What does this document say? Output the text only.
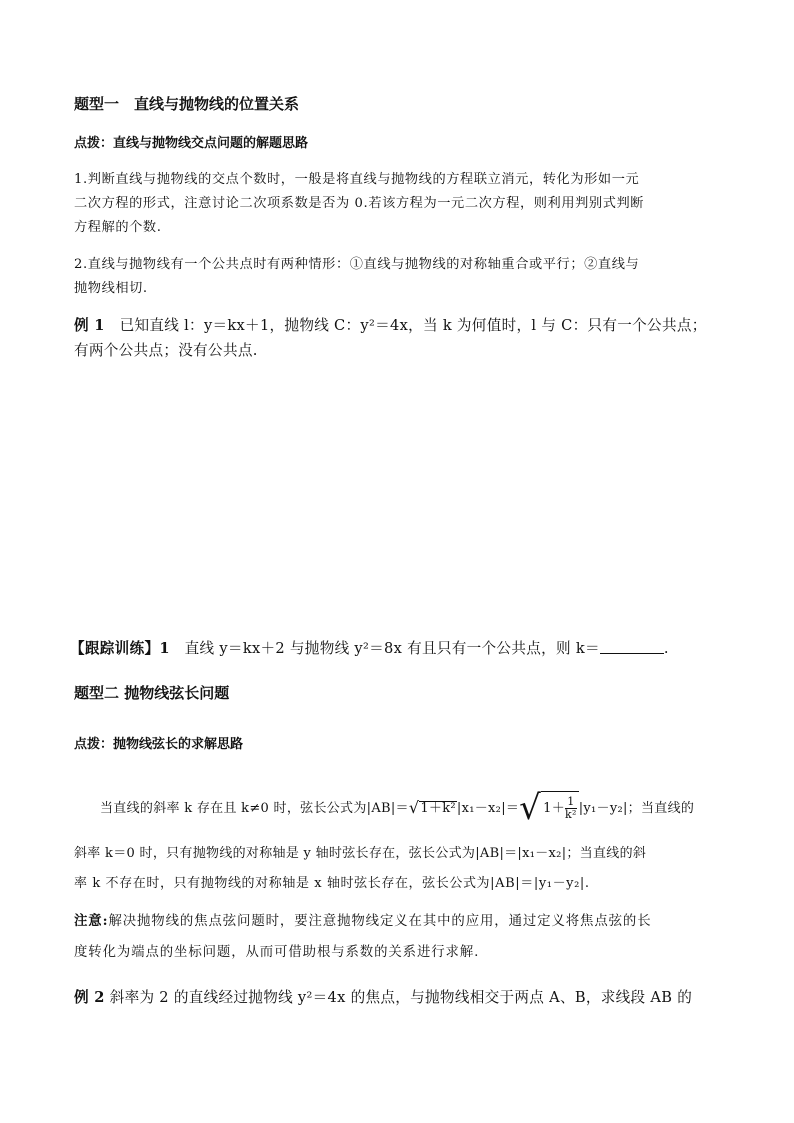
题型一　直线与抛物线的位置关系
点拨：直线与抛物线交点问题的解题思路
1.判断直线与抛物线的交点个数时，一般是将直线与抛物线的方程联立消元，转化为形如一元
二次方程的形式，注意讨论二次项系数是否为 0.若该方程为一元二次方程，则利用判别式判断
方程解的个数.
2.直线与抛物线有一个公共点时有两种情形：①直线与抛物线的对称轴重合或平行；②直线与
抛物线相切.
例 1 已知直线 l：y＝kx＋1，抛物线 C：y²＝4x，当 k 为何值时，l 与 C：只有一个公共点；
有两个公共点；没有公共点.
【跟踪训练】1 直线 y＝kx＋2 与抛物线 y²＝8x 有且只有一个公共点，则 k＝	.
题型二 抛物线弦长问题
点拨：抛物线弦长的求解思路
当直线的斜率 k 存在且 k≠0 时，弦长公式为|AB|＝ √ 1＋k² |x₁－x₂|＝ √ $1+ \frac{1}{\text{k²}} |y_1-y_2|$；当直线的
斜率 k＝0 时，只有抛物线的对称轴是 y 轴时弦长存在，弦长公式为|AB|＝|x₁－x₂|；当直线的斜
率 k 不存在时，只有抛物线的对称轴是 x 轴时弦长存在，弦长公式为|AB|＝|y₁－y₂|.
注意:解决抛物线的焦点弦问题时，要注意抛物线定义在其中的应用，通过定义将焦点弦的长
度转化为端点的坐标问题，从而可借助根与系数的关系进行求解.
例 2 斜率为 2 的直线经过抛物线 y²＝4x 的焦点，与抛物线相交于两点 A、B，求线段 AB 的
